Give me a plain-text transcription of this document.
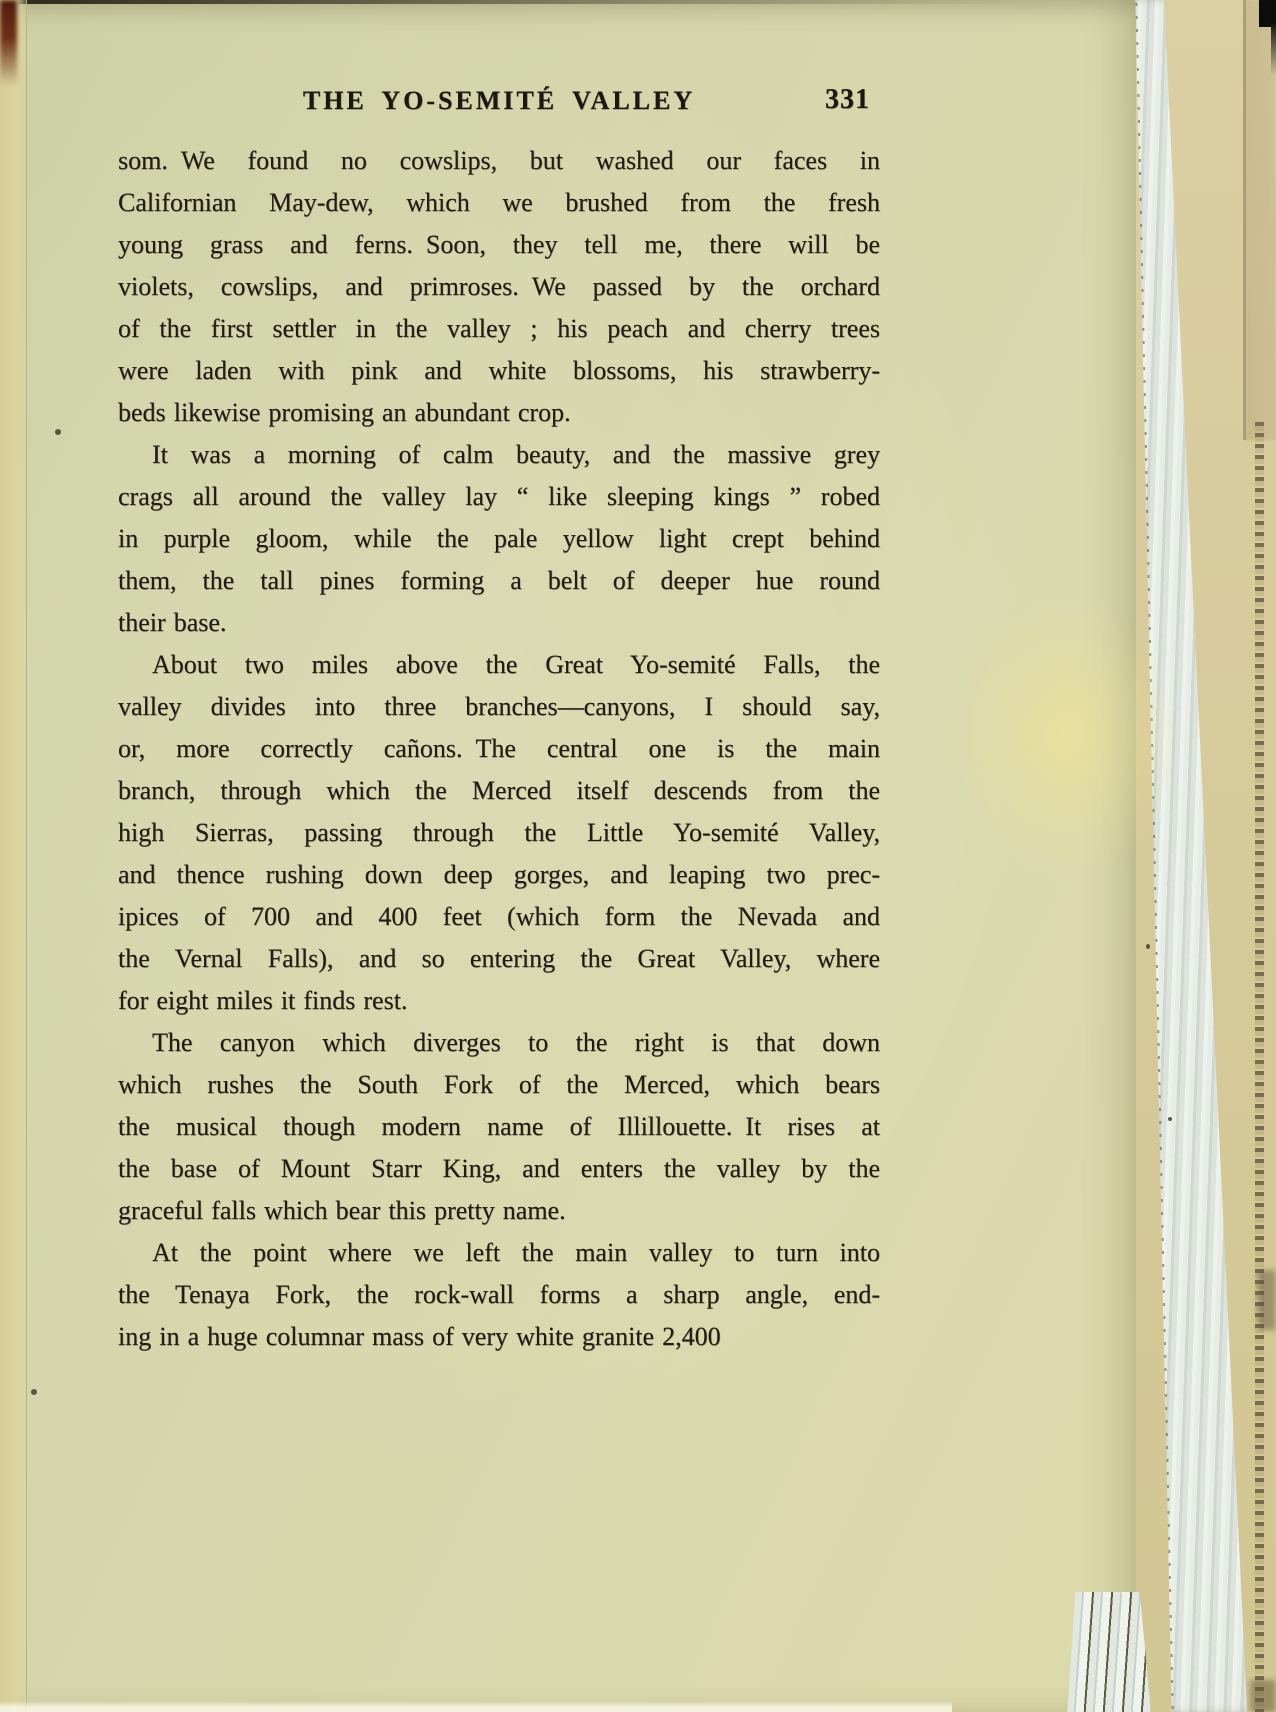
THE YO-SEMITÉ VALLEY	331
som. We found no cowslips, but washed our faces in
Californian May-dew, which we brushed from the fresh
young grass and ferns. Soon, they tell me, there will be
violets, cowslips, and primroses. We passed by the orchard
of the first settler in the valley ; his peach and cherry trees
were laden with pink and white blossoms, his strawberry-
beds likewise promising an abundant crop.
It was a morning of calm beauty, and the massive grey
crags all around the valley lay “ like sleeping kings ” robed
in purple gloom, while the pale yellow light crept behind
them, the tall pines forming a belt of deeper hue round
their base.
About two miles above the Great Yo-semité Falls, the
valley divides into three branches—canyons, I should say,
or, more correctly cañons. The central one is the main
branch, through which the Merced itself descends from the
high Sierras, passing through the Little Yo-semité Valley,
and thence rushing down deep gorges, and leaping two prec-
ipices of 700 and 400 feet (which form the Nevada and
the Vernal Falls), and so entering the Great Valley, where
for eight miles it finds rest.
The canyon which diverges to the right is that down
which rushes the South Fork of the Merced, which bears
the musical though modern name of Illillouette. It rises at
the base of Mount Starr King, and enters the valley by the
graceful falls which bear this pretty name.
At the point where we left the main valley to turn into
the Tenaya Fork, the rock-wall forms a sharp angle, end-
ing in a huge columnar mass of very white granite 2,400
